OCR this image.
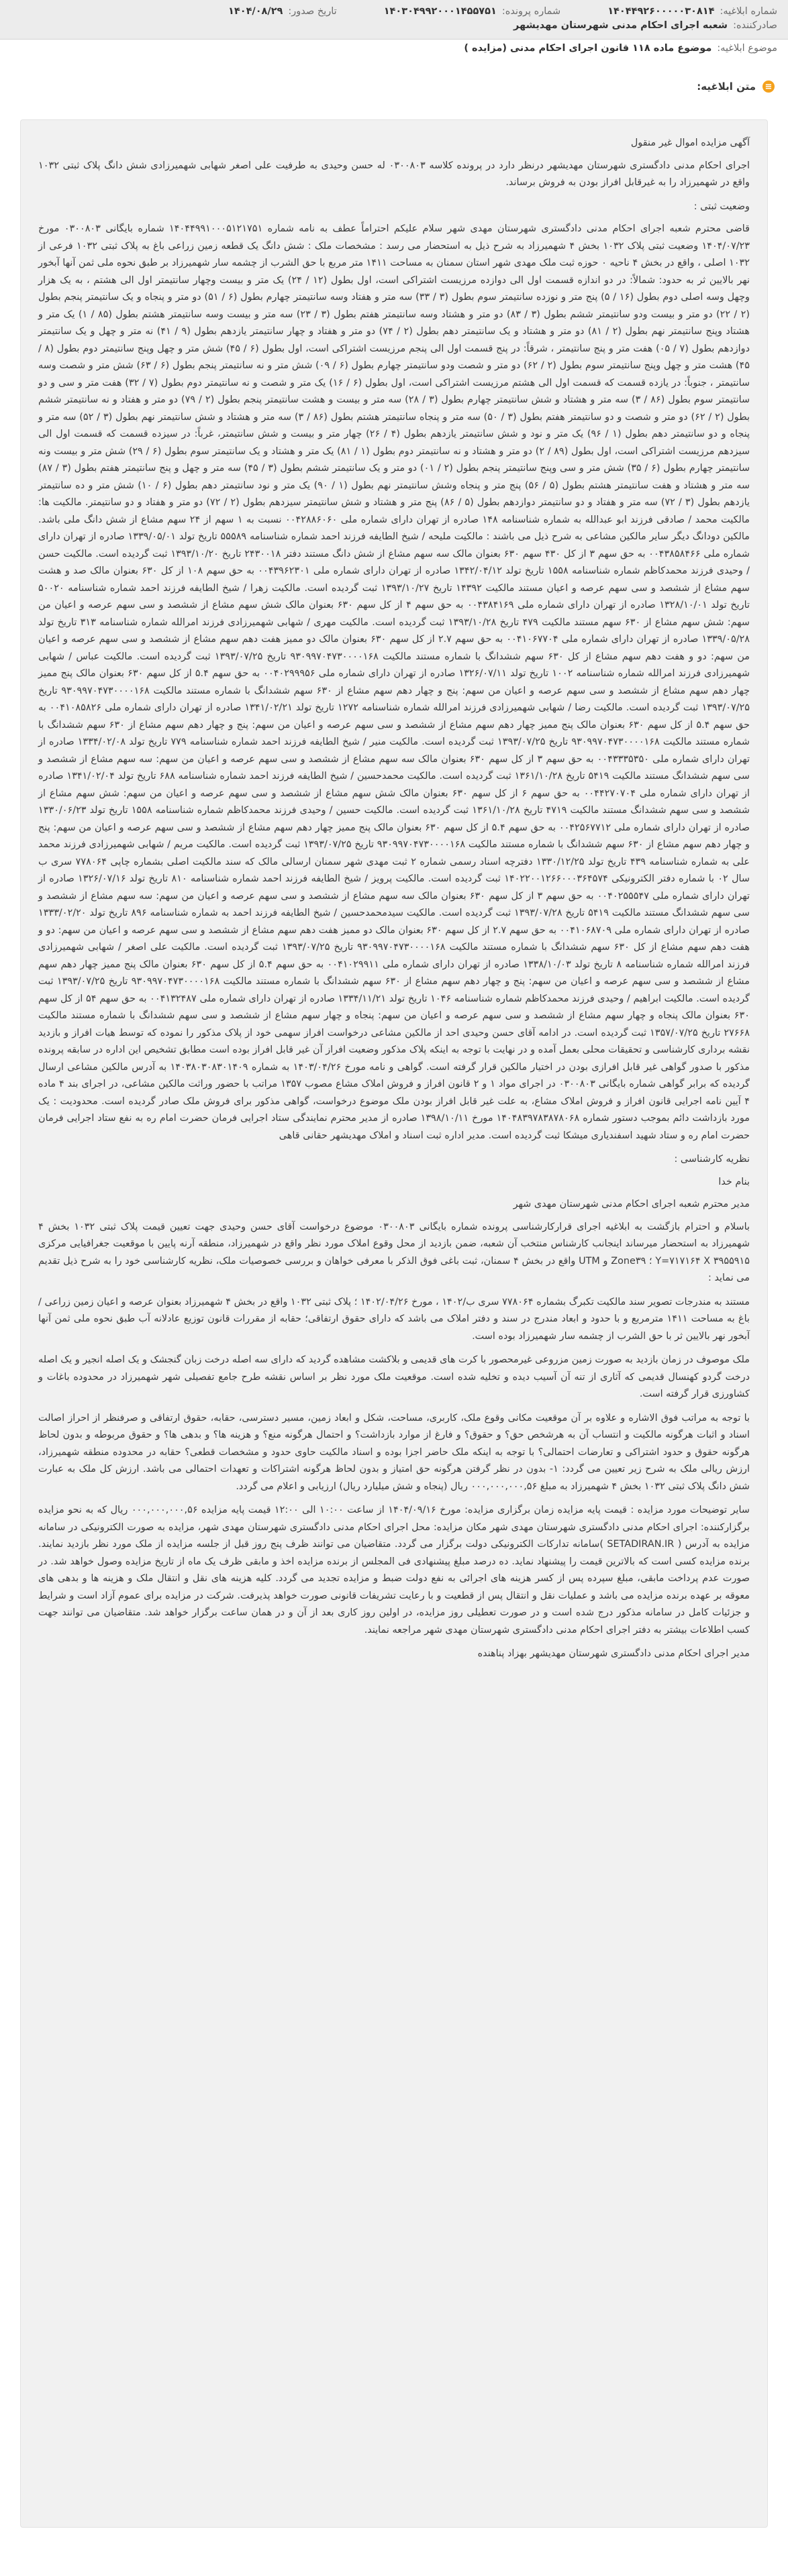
شماره ابلاغیه:
۱۴۰۴۴۹۲۶۰۰۰۰۰۳۰۸۱۴
شماره پرونده:
۱۴۰۳۰۴۹۹۲۰۰۰۱۴۵۵۷۵۱
تاریخ صدور:
۱۴۰۴/۰۸/۲۹
صادرکننده:
شعبه اجرای احکام مدنی شهرستان مهدیشهر
موضوع ابلاغیه:
موضوع ماده ۱۱۸ قانون اجرای احکام مدنی (مزایده )
≡
متن ابلاغیه:

آگهی مزایده اموال غیر منقول

اجرای احکام مدنی دادگستری شهرستان مهدیشهر درنظر دارد در پرونده کلاسه ۰۳۰۰۸۰۳ له حسن وحیدی به طرفیت علی اصغر شهابی شهمیرزادی شش دانگ پلاک ثبتی ۱۰۳۲ واقع در شهمیرزاد را به غیرقابل افراز بودن به فروش برساند.

وضعیت ثبتی :

قاضی محترم شعبه اجرای احکام مدنی دادگستری شهرستان مهدی شهر سلام علیکم احتراماً عطف به نامه شماره ۱۴۰۴۴۹۹۱۰۰۰۵۱۲۱۷۵۱ شماره بایگانی ۰۳۰۰۸۰۳ مورخ ۱۴۰۴/۰۷/۲۳ وضعیت ثبتی پلاک ۱۰۳۲ بخش ۴ شهمیرزاد به شرح ذیل به استحضار می رسد : مشخصات ملک : شش دانگ یک قطعه زمین زراعی باغ به پلاک ثبتی ۱۰۳۲ فرعی از ۱۰۳۲ اصلی ، واقع در بخش ۴ ناحیه ۰ حوزه ثبت ملک مهدی شهر استان سمنان به مساحت ۱۴۱۱ متر مربع با حق الشرب از چشمه سار شهمیرزاد بر طبق نحوه ملی ثمن آنها آبخور نهر بالایین ثر به حدود: شمالاً: در دو اندازه قسمت اول الی دوازده مرزیست اشتراکی است، اول بطول (۱۲ / ۲۴) یک متر و بیست وچهار سانتیمتر اول الی هشتم ، به یک هزار وچهل وسه اصلی دوم بطول (۱۶ / ۵) پنج متر و نوزده سانتیمتر سوم بطول (۳ / ۳۳) سه متر و هفتاد وسه سانتیمتر چهارم بطول (۶ / ۵۱) دو متر و پنجاه و یک سانتیمتر پنجم بطول (۲ / ۲۲) دو متر و بیست ودو سانتیمتر ششم بطول (۳ / ۸۳) دو متر و هشتاد وسه سانتیمتر هفتم بطول (۳ / ۲۳) سه متر و بیست وسه سانتیمتر هشتم بطول (۸۵ / ۱) یک متر و هشتاد وپنج سانتیمتر نهم بطول (۲ / ۸۱) دو متر و هشتاد و یک سانتیمتر دهم بطول (۲ / ۷۴) دو متر و هفتاد و چهار سانتیمتر یازدهم بطول (۹ / ۴۱) نه متر و چهل و یک سانتیمتر دوازدهم بطول (۷ / ۰۵) هفت متر و پنج سانتیمتر ، شرقاً: در پنج قسمت اول الی پنجم مرزیست اشتراکی است، اول بطول (۶ / ۴۵) شش متر و چهل وپنج سانتیمتر دوم بطول (۸ / ۴۵) هشت متر و چهل وپنج سانتیمتر سوم بطول (۲ / ۶۲) دو متر و شصت ودو سانتیمتر چهارم بطول (۶ / ۰۹) شش متر و نه سانتیمتر پنجم بطول (۶ / ۶۳) شش متر و شصت وسه سانتیمتر ، جنوباً: در یازده قسمت که قسمت اول الی هشتم مرزیست اشتراکی است، اول بطول (۶ / ۱۶) یک متر و شصت و نه سانتیمتر دوم بطول (۷ / ۳۲) هفت متر و سی و دو سانتیمتر سوم بطول (۸۶ / ۳) سه متر و هشتاد و شش سانتیمتر چهارم بطول (۳ / ۲۸) سه متر و بیست و هشت سانتیمتر پنجم بطول (۲ / ۷۹) دو متر و هفتاد و نه سانتیمتر ششم بطول (۲ / ۶۲) دو متر و شصت و دو سانتیمتر هفتم بطول (۳ / ۵۰) سه متر و پنجاه سانتیمتر هشتم بطول (۸۶ / ۳) سه متر و هشتاد و شش سانتیمتر نهم بطول (۳ / ۵۲) سه متر و پنجاه و دو سانتیمتر دهم بطول (۱ / ۹۶) یک متر و نود و شش سانتیمتر یازدهم بطول (۴ / ۲۶) چهار متر و بیست و شش سانتیمتر، غرباً: در سیزده قسمت که قسمت اول الی سیزدهم مرزیست اشتراکی است، اول بطول (۸۹ / ۲) دو متر و هشتاد و نه سانتیمتر دوم بطول (۱ / ۸۱) یک متر و هشتاد و یک سانتیمتر سوم بطول (۶ / ۲۹) شش متر و بیست ونه سانتیمتر چهارم بطول (۶ / ۳۵) شش متر و سی وپنج سانتیمتر پنجم بطول (۲ / ۰۱) دو متر و یک سانتیمتر ششم بطول (۳ / ۴۵) سه متر و چهل و پنج سانتیمتر هفتم بطول (۳ / ۸۷) سه متر و هشتاد و هفت سانتیمتر هشتم بطول (۵ / ۵۶) پنج متر و پنجاه وشش سانتیمتر نهم بطول (۱ / ۹۰) یک متر و نود سانتیمتر دهم بطول (۶ / ۱۰) شش متر و ده سانتیمتر یازدهم بطول (۳ / ۷۲) سه متر و هفتاد و دو سانتیمتر دوازدهم بطول (۵ / ۸۶) پنج متر و هشتاد و شش سانتیمتر سیزدهم بطول (۲ / ۷۲) دو متر و هفتاد و دو سانتیمتر. مالکیت ها: مالکیت محمد / صادقی فرزند ابو عبدالله به شماره شناسنامه ۱۴۸ صادره از تهران دارای شماره ملی ۰۰۴۲۸۸۶۰۶۰ نسبت به ۱ سهم از ۲۴ سهم مشاع از شش دانگ ملی باشد. مالکین دودانگ دیگر سایر مالکین مشاعی به شرح ذیل می باشند : مالکیت ملیحه / شیخ الطایفه فرزند احمد شماره شناسنامه ۵۵۵۸۹ تاریخ تولد ۱۳۳۹/۰۵/۰۱ صادره از تهران دارای شماره ملی ۰۰۴۳۸۵۸۴۶۶ به حق سهم ۳ از کل ۴۳۰ سهم ۶۳۰ بعنوان مالک سه سهم مشاع از شش دانگ مستند دفتر ۲۴۳۰۰۱۸ تاریخ ۱۳۹۳/۱۰/۲۰ ثبت گردیده است. مالکیت حسن / وحیدی فرزند محمدکاظم شماره شناسنامه ۱۵۵۸ تاریخ تولد ۱۳۴۲/۰۴/۱۲ صادره از تهران دارای شماره ملی ۰۰۴۳۹۶۲۳۰۱ به حق سهم ۱۰۸ از کل ۶۳۰ بعنوان مالک صد و هشت سهم مشاع از ششصد و سی سهم عرصه و اعیان مستند مالکیت ۱۴۳۹۲ تاریخ ۱۳۹۳/۱۰/۲۷ ثبت گردیده است. مالکیت زهرا / شیخ الطایفه فرزند احمد شماره شناسنامه ۵۰۰۲۰ تاریخ تولد ۱۳۲۸/۱۰/۰۱ صادره از تهران دارای شماره ملی ۰۰۴۳۸۴۱۶۹ به حق سهم ۴ از کل سهم ۶۳۰ بعنوان مالک شش سهم مشاع از ششصد و سی سهم عرصه و اعیان من سهم: شش سهم مشاع از ۶۳۰ سهم مستند مالکیت ۴۷۹ تاریخ ۱۳۹۳/۱۰/۲۸ ثبت گردیده است. مالکیت مهری / شهابی شهمیرزادی فرزند امرالله شماره شناسنامه ۳۱۳ تاریخ تولد ۱۳۳۹/۰۵/۲۸ صادره از تهران دارای شماره ملی ۰۰۴۱۰۶۷۷۰۴ به حق سهم ۲.۷ از کل سهم ۶۳۰ بعنوان مالک دو ممیز هفت دهم سهم مشاع از ششصد و سی سهم عرصه و اعیان من سهم: دو و هفت دهم سهم مشاع از کل ۶۳۰ سهم ششدانگ با شماره مستند مالکیت ۹۳۰۹۹۷۰۴۷۳۰۰۰۰۱۶۸ تاریخ ۱۳۹۳/۰۷/۲۵ ثبت گردیده است. مالکیت عباس / شهابی شهمیرزادی فرزند امرالله شماره شناسنامه ۱۰۰۲ تاریخ تولد ۱۳۲۶/۰۷/۱۱ صادره از تهران دارای شماره ملی ۰۰۴۰۲۹۹۹۵۶ به حق سهم ۵.۴ از کل سهم ۶۳۰ بعنوان مالک پنج ممیز چهار دهم سهم مشاع از ششصد و سی سهم عرصه و اعیان من سهم: پنج و چهار دهم سهم مشاع از ۶۳۰ سهم ششدانگ با شماره مستند مالکیت ۹۳۰۹۹۷۰۴۷۳۰۰۰۰۱۶۸ تاریخ ۱۳۹۳/۰۷/۲۵ ثبت گردیده است. مالکیت رضا / شهابی شهمیرزادی فرزند امرالله شماره شناسنامه ۱۲۷۲ تاریخ تولد ۱۳۴۱/۰۲/۲۱ صادره از تهران دارای شماره ملی ۰۰۴۱۰۸۵۸۲۶ به حق سهم ۵.۴ از کل سهم ۶۳۰ بعنوان مالک پنج ممیز چهار دهم سهم مشاع از ششصد و سی سهم عرصه و اعیان من سهم: پنج و چهار دهم سهم مشاع از ۶۳۰ سهم ششدانگ با شماره مستند مالکیت ۹۳۰۹۹۷۰۴۷۳۰۰۰۰۱۶۸ تاریخ ۱۳۹۳/۰۷/۲۵ ثبت گردیده است. مالکیت منیر / شیخ الطایفه فرزند احمد شماره شناسنامه ۷۷۹ تاریخ تولد ۱۳۳۴/۰۲/۰۸ صادره از تهران دارای شماره ملی ۰۰۴۳۳۳۵۳۵۰ به حق سهم ۳ از کل سهم ۶۳۰ بعنوان مالک سه سهم مشاع از ششصد و سی سهم عرصه و اعیان من سهم: سه سهم مشاع از ششصد و سی سهم ششدانگ مستند مالکیت ۵۴۱۹ تاریخ ۱۳۶۱/۱۰/۲۸ ثبت گردیده است. مالکیت محمدحسین / شیخ الطایفه فرزند احمد شماره شناسنامه ۶۸۸ تاریخ تولد ۱۳۴۱/۰۲/۰۴ صادره از تهران دارای شماره ملی ۰۰۴۴۲۷۰۷۰۴ به حق سهم ۶ از کل سهم ۶۳۰ بعنوان مالک شش سهم مشاع از ششصد و سی سهم عرصه و اعیان من سهم: شش سهم مشاع از ششصد و سی سهم ششدانگ مستند مالکیت ۴۷۱۹ تاریخ ۱۳۶۱/۱۰/۲۸ ثبت گردیده است. مالکیت حسین / وحیدی فرزند محمدکاظم شماره شناسنامه ۱۵۵۸ تاریخ تولد ۱۳۳۰/۰۶/۲۳ صادره از تهران دارای شماره ملی ۰۰۴۲۵۶۷۷۱۲ به حق سهم ۵.۴ از کل سهم ۶۳۰ بعنوان مالک پنج ممیز چهار دهم سهم مشاع از ششصد و سی سهم عرصه و اعیان من سهم: پنج و چهار دهم سهم مشاع از ۶۳۰ سهم ششدانگ با شماره مستند مالکیت ۹۳۰۹۹۷۰۴۷۳۰۰۰۰۱۶۸ تاریخ ۱۳۹۳/۰۷/۲۵ ثبت گردیده است. مالکیت مریم / شهابی شهمیرزادی فرزند محمد علی به شماره شناسنامه ۴۳۹ تاریخ تولد ۱۳۳۰/۱۲/۲۵ دفترچه اسناد رسمی شماره ۲ ثبت مهدی شهر سمنان ارسالی مالک که سند مالکیت اصلی بشماره چاپی ۷۷۸۰۶۴ سری ب سال ۰۲ با شماره دفتر الکترونیکی ۱۴۰۲۲۰۰۱۲۶۶۰۰۰۳۶۴۵۷۴ ثبت گردیده است. مالکیت پرویز / شیخ الطایفه فرزند احمد شماره شناسنامه ۸۱۰ تاریخ تولد ۱۳۲۶/۰۷/۱۶ صادره از تهران دارای شماره ملی ۰۰۴۰۲۵۵۵۴۷ به حق سهم ۳ از کل سهم ۶۳۰ بعنوان مالک سه سهم مشاع از ششصد و سی سهم عرصه و اعیان من سهم: سه سهم مشاع از ششصد و سی سهم ششدانگ مستند مالکیت ۵۴۱۹ تاریخ ۱۳۹۳/۰۷/۲۸ ثبت گردیده است. مالکیت سیدمحمدحسین / شیخ الطایفه فرزند احمد به شماره شناسنامه ۸۹۶ تاریخ تولد ۱۳۳۳/۰۲/۲۰ صادره از تهران دارای شماره ملی ۰۰۴۱۰۶۸۷۰۹ به حق سهم ۲.۷ از کل سهم ۶۳۰ بعنوان مالک دو ممیز هفت دهم سهم مشاع از ششصد و سی سهم عرصه و اعیان من سهم: دو و هفت دهم سهم مشاع از کل ۶۳۰ سهم ششدانگ با شماره مستند مالکیت ۹۳۰۹۹۷۰۴۷۳۰۰۰۰۱۶۸ تاریخ ۱۳۹۳/۰۷/۲۵ ثبت گردیده است. مالکیت علی اصغر / شهابی شهمیرزادی فرزند امرالله شماره شناسنامه ۸ تاریخ تولد ۱۳۳۸/۱۰/۰۳ صادره از تهران دارای شماره ملی ۰۰۴۱۰۲۹۹۱۱ به حق سهم ۵.۴ از کل سهم ۶۳۰ بعنوان مالک پنج ممیز چهار دهم سهم مشاع از ششصد و سی سهم عرصه و اعیان من سهم: پنج و چهار دهم سهم مشاع از ۶۳۰ سهم ششدانگ با شماره مستند مالکیت ۹۳۰۹۹۷۰۴۷۳۰۰۰۰۱۶۸ تاریخ ۱۳۹۳/۰۷/۲۵ ثبت گردیده است. مالکیت ابراهیم / وحیدی فرزند محمدکاظم شماره شناسنامه ۱۰۴۶ تاریخ تولد ۱۳۳۴/۱۱/۲۱ صادره از تهران دارای شماره ملی ۰۰۴۱۳۲۴۸۷ به حق سهم ۵۴ از کل سهم ۶۳۰ بعنوان مالک پنجاه و چهار سهم مشاع از ششصد و سی سهم عرصه و اعیان من سهم: پنجاه و چهار سهم مشاع از ششصد و سی سهم ششدانگ با شماره مستند مالکیت ۲۷۶۶۸ تاریخ ۱۳۵۷/۰۷/۲۵ ثبت گردیده است. در ادامه آقای حسن وحیدی احد از مالکین مشاعی درخواست افراز سهمی خود از پلاک مذکور را نموده که توسط هیات افراز و بازدید نقشه برداری کارشناسی و تحقیقات محلی بعمل آمده و در نهایت با توجه به اینکه پلاک مذکور وضعیت افراز آن غیر قابل افراز بوده است مطابق تشخیص این اداره در سابقه پرونده مذکور با صدور گواهی غیر قابل افرازی بودن در اختیار مالکین قرار گرفته است. گواهی و نامه مورخ ۱۴۰۳/۰۴/۲۶ به شماره ۱۴۰۳۸۰۳۰۸۳۰۱۴۰۹ به آدرس مالکین مشاعی ارسال گردیده که برابر گواهی شماره بایگانی ۰۳۰۰۸۰۳ در اجرای مواد ۱ و ۲ قانون افراز و فروش املاک مشاع مصوب ۱۳۵۷ مراتب با حضور وراثت مالکین مشاعی، در اجرای بند ۴ ماده ۴ آیین نامه اجرایی قانون افراز و فروش املاک مشاع، به علت غیر قابل افراز بودن ملک موضوع درخواست، گواهی مذکور برای فروش ملک صادر گردیده است. محدودیت : یک مورد بازداشت دائم بموجب دستور شماره ۱۴۰۴۸۳۹۷۸۳۸۷۸۰۶۸ مورخ ۱۳۹۸/۱۰/۱۱ صادره از مدیر محترم نمایندگی ستاد اجرایی فرمان حضرت امام ره به نفع ستاد اجرایی فرمان حضرت امام ره و ستاد شهید اسفندیاری میشکا ثبت گردیده است. مدیر اداره ثبت اسناد و املاک مهدیشهر حقانی قاهی

نظریه کارشناسی :

بنام خدا

مدیر محترم شعبه اجرای احکام مدنی شهرستان مهدی شهر

باسلام و احترام بازگشت به ابلاغیه اجرای قرارکارشناسی پرونده شماره بایگانی ۰۳۰۰۸۰۳ موضوع درخواست آقای حسن وحیدی جهت تعیین قیمت پلاک ثبتی ۱۰۳۲ بخش ۴ شهمیرزاد به استحضار میرساند اینجانب کارشناس منتخب آن شعبه، ضمن بازدید از محل وقوع املاک مورد نظر واقع در شهمیرزاد، منطقه آرنه پایین با موقعیت جغرافیایی مرکزی ۳۹۵۵۹۱۵ Y=۷۱۷۱۶۴ X ؛ Zone۳۹ و UTM واقع در بخش ۴ سمنان، ثبت باغی فوق الذکر با معرفی خواهان و بررسی خصوصیات ملک، نظریه کارشناسی خود را به شرح ذیل تقدیم می نماید :

مستند به مندرجات تصویر سند مالکیت تکبرگ بشماره ۷۷۸۰۶۴ سری ب/۱۴۰۲ ، مورخ ۱۴۰۲/۰۴/۲۶ ؛ پلاک ثبتی ۱۰۳۲ واقع در بخش ۴ شهمیرزاد بعنوان عرصه و اعیان زمین زراعی / باغ به مساحت ۱۴۱۱ مترمربع و با حدود و ابعاد مندرج در سند و دفتر املاک می باشد که دارای حقوق ارتفاقی؛ حقابه از مقررات قانون توزیع عادلانه آب طبق نحوه ملی ثمن آنها آبخور نهر بالایین ثر با حق الشرب از چشمه سار شهمیرزاد بوده است.

ملک موصوف در زمان بازدید به صورت زمین مزروعی غیرمحصور با کرت های قدیمی و بلاکشت مشاهده گردید که دارای سه اصله درخت زبان گنجشک و یک اصله انجیر و یک اصله درخت گردو کهنسال قدیمی که آثاری از تنه آن آسیب دیده و تخلیه شده است. موقعیت ملک مورد نظر بر اساس نقشه طرح جامع تفصیلی شهر شهمیرزاد در محدوده باغات و کشاورزی قرار گرفته است.

با توجه به مراتب فوق الاشاره و علاوه بر آن موقعیت مکانی وقوع ملک، کاربری، مساحت، شکل و ابعاد زمین، مسیر دسترسی، حقابه، حقوق ارتفاقی و صرفنظر از احراز اصالت اسناد و اثبات هرگونه مالکیت و انتساب آن به هرشخص حق؟ و حقوق؟ و فارغ از موارد بازداشت؟ و احتمال هرگونه منع؟ و هزینه ها؟ و بدهی ها؟ و حقوق مربوطه و بدون لحاظ هرگونه حقوق و حدود اشتراکی و تعارضات احتمالی؟ با توجه به اینکه ملک حاضر اجزا بوده و اسناد مالکیت حاوی حدود و مشخصات قطعی؟ حقابه در محدوده منطقه شهمیرزاد، ارزش ریالی ملک به شرح زیر تعیین می گردد: ۱- بدون در نظر گرفتن هرگونه حق امتیاز و بدون لحاظ هرگونه اشتراکات و تعهدات احتمالی می باشد. ارزش کل ملک به عبارت شش دانگ پلاک ثبتی ۱۰۳۲ بخش ۴ شهمیرزاد به مبلغ ۰۰۰,۰۰۰,۰۰۰,۵۶ ریال (پنجاه و شش میلیارد ریال) ارزیابی و اعلام می گردد.

سایر توضیحات مورد مزایده : قیمت پایه مزایده زمان برگزاری مزایده: مورخ ۱۴۰۴/۰۹/۱۶ از ساعت ۱۰:۰۰ الی ۱۲:۰۰ قیمت پایه مزایده ۰۰۰,۰۰۰,۰۰۰,۵۶ ریال که به نحو مزایده برگزارکننده: اجرای احکام مدنی دادگستری شهرستان مهدی شهر مکان مزایده: محل اجرای احکام مدنی دادگستری شهرستان مهدی شهر، مزایده به صورت الکترونیکی در سامانه مزایده به آدرس ( SETADIRAN.IR )سامانه تدارکات الکترونیکی دولت برگزار می گردد. متقاضیان می توانند ظرف پنج روز قبل از جلسه مزایده از ملک مورد نظر بازدید نمایند. برنده مزایده کسی است که بالاترین قیمت را پیشنهاد نماید. ده درصد مبلغ پیشنهادی فی المجلس از برنده مزایده اخذ و مابقی ظرف یک ماه از تاریخ مزایده وصول خواهد شد. در صورت عدم پرداخت مابقی، مبلغ سپرده پس از کسر هزینه های اجرائی به نفع دولت ضبط و مزایده تجدید می گردد. کلیه هزینه های نقل و انتقال ملک و هزینه ها و بدهی های معوقه بر عهده برنده مزایده می باشد و عملیات نقل و انتقال پس از قطعیت و با رعایت تشریفات قانونی صورت خواهد پذیرفت. شرکت در مزایده برای عموم آزاد است و شرایط و جزئیات کامل در سامانه مذکور درج شده است و در صورت تعطیلی روز مزایده، در اولین روز کاری بعد از آن و در همان ساعت برگزار خواهد شد. متقاضیان می توانند جهت کسب اطلاعات بیشتر به دفتر اجرای احکام مدنی دادگستری شهرستان مهدی شهر مراجعه نمایند.

مدیر اجرای احکام مدنی دادگستری شهرستان مهدیشهر بهزاد پناهنده
